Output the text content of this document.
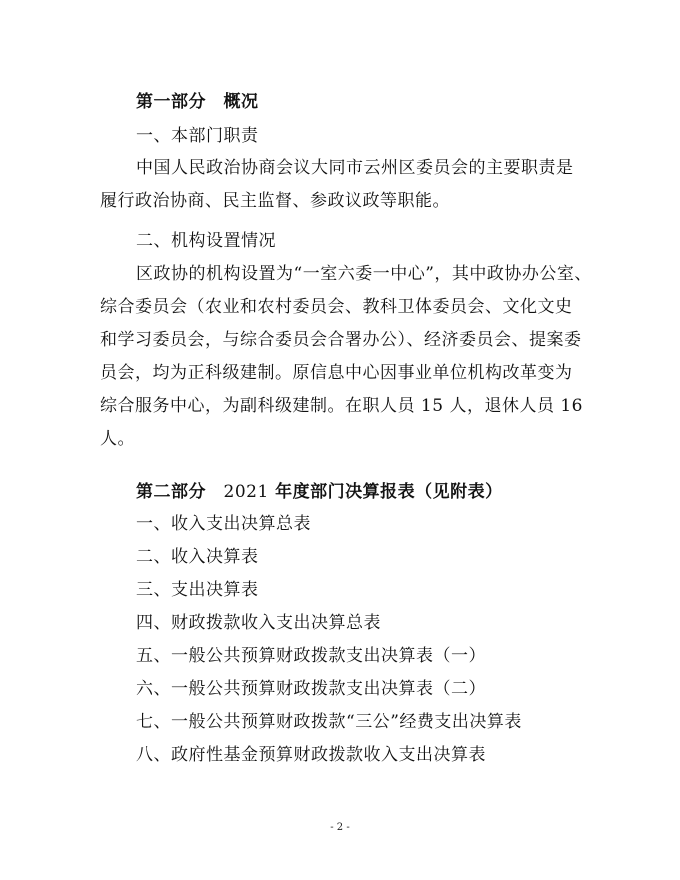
第一部分　概况
一、本部门职责
中国人民政治协商会议大同市云州区委员会的主要职责是
履行政治协商、民主监督、参政议政等职能。
二、机构设置情况
区政协的机构设置为“一室六委一中心”，其中政协办公室、
综合委员会（农业和农村委员会、教科卫体委员会、文化文史
和学习委员会，与综合委员会合署办公）、经济委员会、提案委
员会，均为正科级建制。原信息中心因事业单位机构改革变为
综合服务中心，为副科级建制。在职人员 15 人，退休人员 16
人。
第二部分　2021 年度部门决算报表（见附表）
一、收入支出决算总表
二、收入决算表
三、支出决算表
四、财政拨款收入支出决算总表
五、一般公共预算财政拨款支出决算表（一）
六、一般公共预算财政拨款支出决算表（二）
七、一般公共预算财政拨款“三公”经费支出决算表
八、政府性基金预算财政拨款收入支出决算表
- 2 -
